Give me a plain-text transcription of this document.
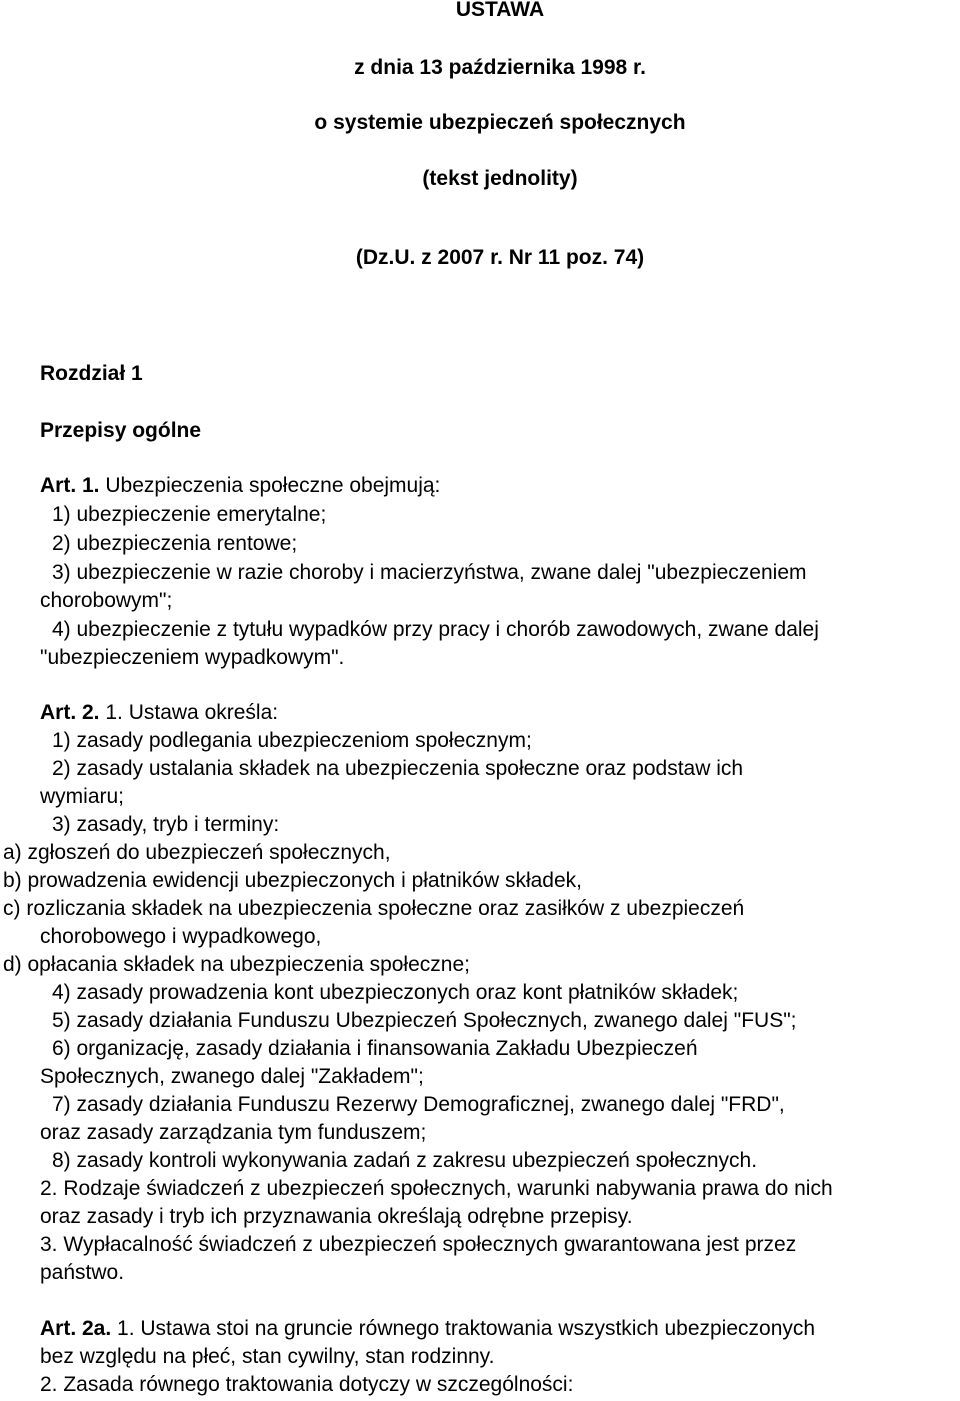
USTAWA
z dnia 13 października 1998 r.
o systemie ubezpieczeń społecznych
(tekst jednolity)
(Dz.U. z 2007 r. Nr 11 poz. 74)
Rozdział 1
Przepisy ogólne
Art. 1. Ubezpieczenia społeczne obejmują:
1) ubezpieczenie emerytalne;
2) ubezpieczenia rentowe;
3) ubezpieczenie w razie choroby i macierzyństwa, zwane dalej "ubezpieczeniem
chorobowym";
4) ubezpieczenie z tytułu wypadków przy pracy i chorób zawodowych, zwane dalej
"ubezpieczeniem wypadkowym".
Art. 2. 1. Ustawa określa:
1) zasady podlegania ubezpieczeniom społecznym;
2) zasady ustalania składek na ubezpieczenia społeczne oraz podstaw ich
wymiaru;
3) zasady, tryb i terminy:
a) zgłoszeń do ubezpieczeń społecznych,
b) prowadzenia ewidencji ubezpieczonych i płatników składek,
c) rozliczania składek na ubezpieczenia społeczne oraz zasiłków z ubezpieczeń
chorobowego i wypadkowego,
d) opłacania składek na ubezpieczenia społeczne;
4) zasady prowadzenia kont ubezpieczonych oraz kont płatników składek;
5) zasady działania Funduszu Ubezpieczeń Społecznych, zwanego dalej "FUS";
6) organizację, zasady działania i finansowania Zakładu Ubezpieczeń
Społecznych, zwanego dalej "Zakładem";
7) zasady działania Funduszu Rezerwy Demograficznej, zwanego dalej "FRD",
oraz zasady zarządzania tym funduszem;
8) zasady kontroli wykonywania zadań z zakresu ubezpieczeń społecznych.
2. Rodzaje świadczeń z ubezpieczeń społecznych, warunki nabywania prawa do nich
oraz zasady i tryb ich przyznawania określają odrębne przepisy.
3. Wypłacalność świadczeń z ubezpieczeń społecznych gwarantowana jest przez
państwo.
Art. 2a. 1. Ustawa stoi na gruncie równego traktowania wszystkich ubezpieczonych
bez względu na płeć, stan cywilny, stan rodzinny.
2. Zasada równego traktowania dotyczy w szczególności:
